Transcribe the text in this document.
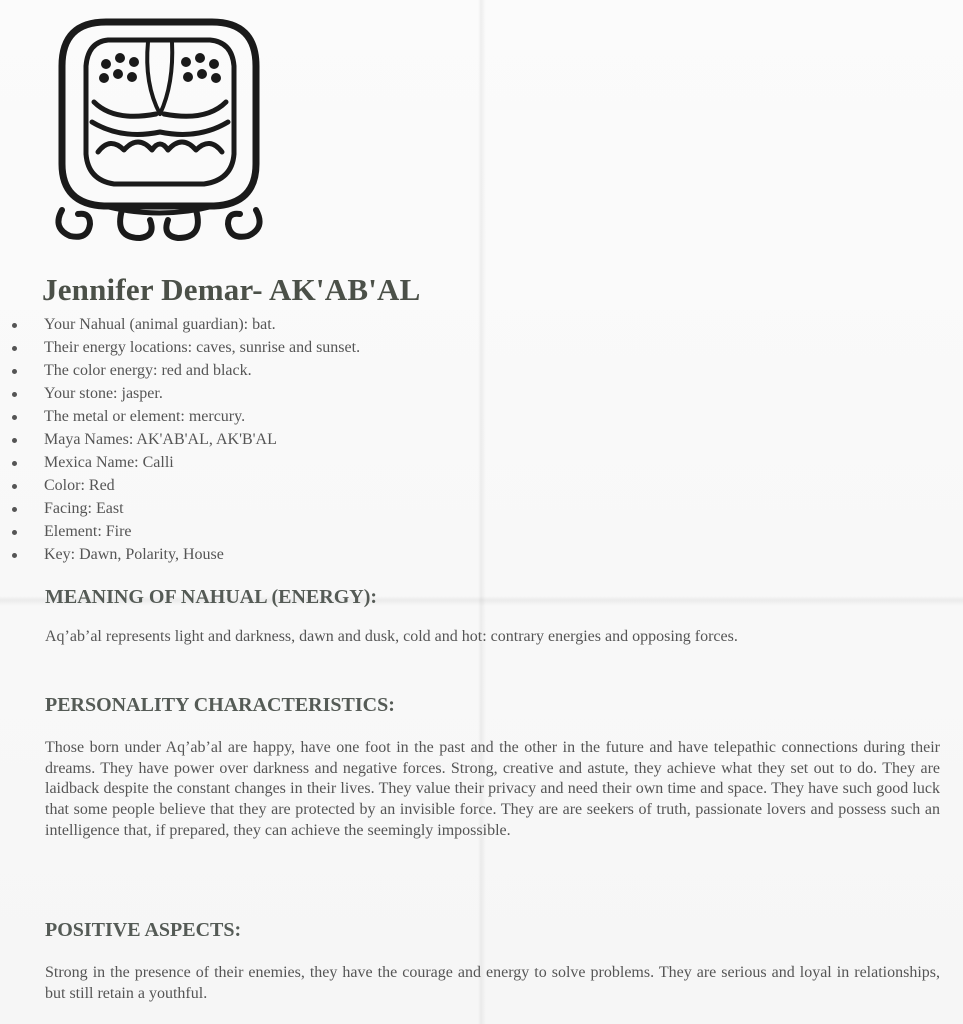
Jennifer Demar- AK'AB'AL
Your Nahual (animal guardian): bat.
Their energy locations: caves, sunrise and sunset.
The color energy: red and black.
Your stone: jasper.
The metal or element: mercury.
Maya Names: AK'AB'AL, AK'B'AL
Mexica Name: Calli
Color: Red
Facing: East
Element: Fire
Key: Dawn, Polarity, House
MEANING OF NAHUAL (ENERGY):

Aq’ab’al represents light and darkness, dawn and dusk, cold and hot: contrary energies and opposing forces.

PERSONALITY CHARACTERISTICS:

Those born under Aq’ab’al are happy, have one foot in the past and the other in the future and have telepathic connections during their dreams. They have power over darkness and negative forces. Strong, creative and astute, they achieve what they set out to do. They are laidback despite the constant changes in their lives. They value their privacy and need their own time and space. They have such good luck that some people believe that they are protected by an invisible force. They are are seekers of truth, passionate lovers and possess such an intelligence that, if prepared, they can achieve the seemingly impossible.

POSITIVE ASPECTS:

Strong in the presence of their enemies, they have the courage and energy to solve problems. They are serious and loyal in relationships, but still retain a youthful.
